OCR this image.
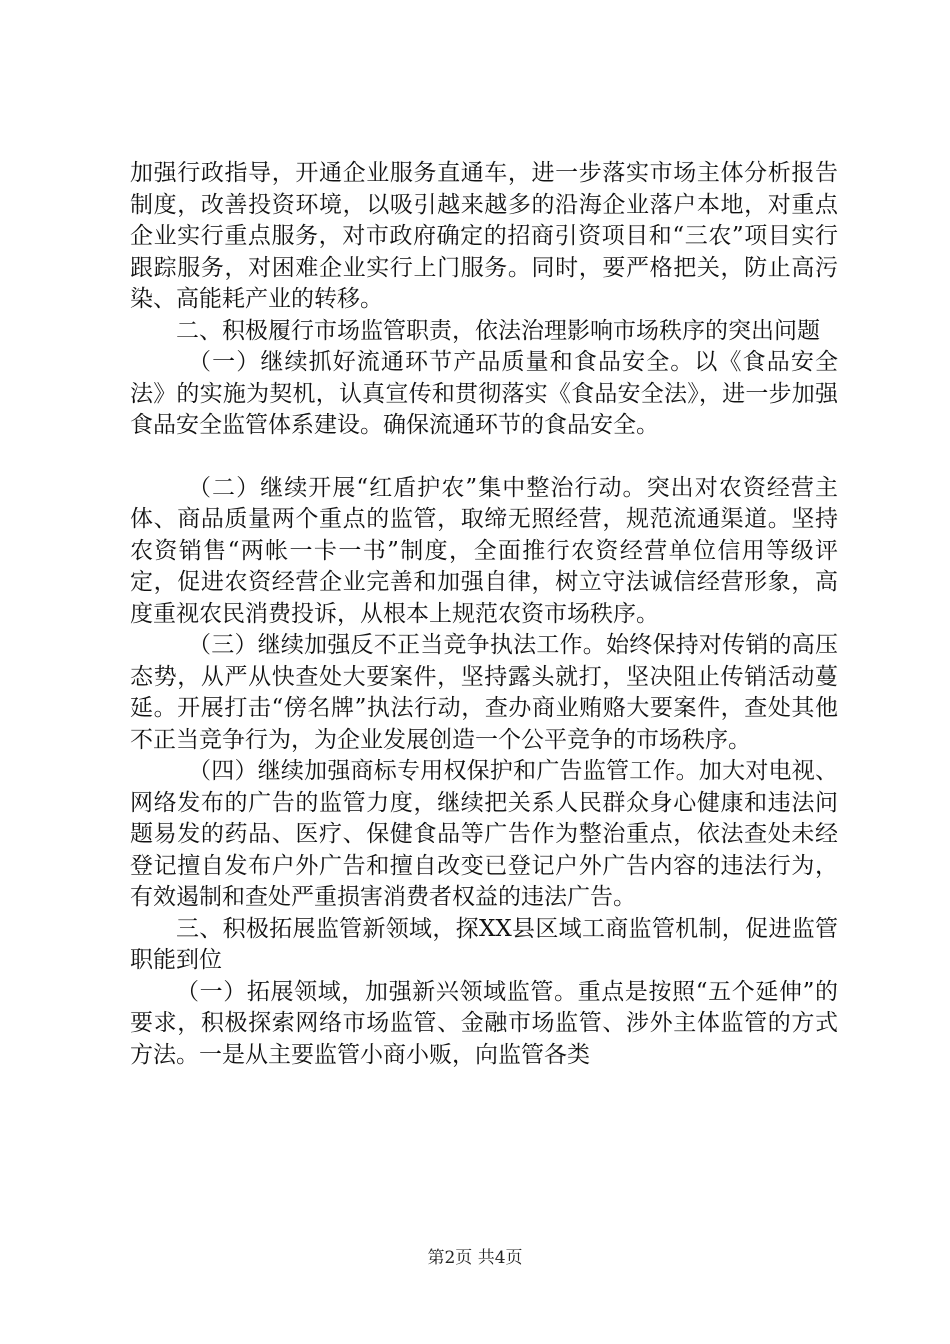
加强行政指导，开通企业服务直通车，进一步落实市场主体分析报告制度，改善投资环境，以吸引越来越多的沿海企业落户本地，对重点企业实行重点服务，对市政府确定的招商引资项目和“三农”项目实行跟踪服务，对困难企业实行上门服务。同时，要严格把关，防止高污染、高能耗产业的转移。

二、积极履行市场监管职责，依法治理影响市场秩序的突出问题

（一）继续抓好流通环节产品质量和食品安全。以《食品安全法》的实施为契机，认真宣传和贯彻落实《食品安全法》，进一步加强食品安全监管体系建设。确保流通环节的食品安全。

（二）继续开展“红盾护农”集中整治行动。突出对农资经营主体、商品质量两个重点的监管，取缔无照经营，规范流通渠道。坚持农资销售“两帐一卡一书”制度，全面推行农资经营单位信用等级评定，促进农资经营企业完善和加强自律，树立守法诚信经营形象，高度重视农民消费投诉，从根本上规范农资市场秩序。

（三）继续加强反不正当竞争执法工作。始终保持对传销的高压态势，从严从快查处大要案件，坚持露头就打，坚决阻止传销活动蔓延。开展打击“傍名牌”执法行动，查办商业贿赂大要案件，查处其他不正当竞争行为，为企业发展创造一个公平竞争的市场秩序。

（四）继续加强商标专用权保护和广告监管工作。加大对电视、网络发布的广告的监管力度，继续把关系人民群众身心健康和违法问题易发的药品、医疗、保健食品等广告作为整治重点，依法查处未经登记擅自发布户外广告和擅自改变已登记户外广告内容的违法行为，有效遏制和查处严重损害消费者权益的违法广告。

三、积极拓展监管新领域，探XX县区域工商监管机制，促进监管职能到位

（一）拓展领域，加强新兴领域监管。重点是按照“五个延伸”的要求，积极探索网络市场监管、金融市场监管、涉外主体监管的方式方法。一是从主要监管小商小贩，向监管各类

第2页 共4页
